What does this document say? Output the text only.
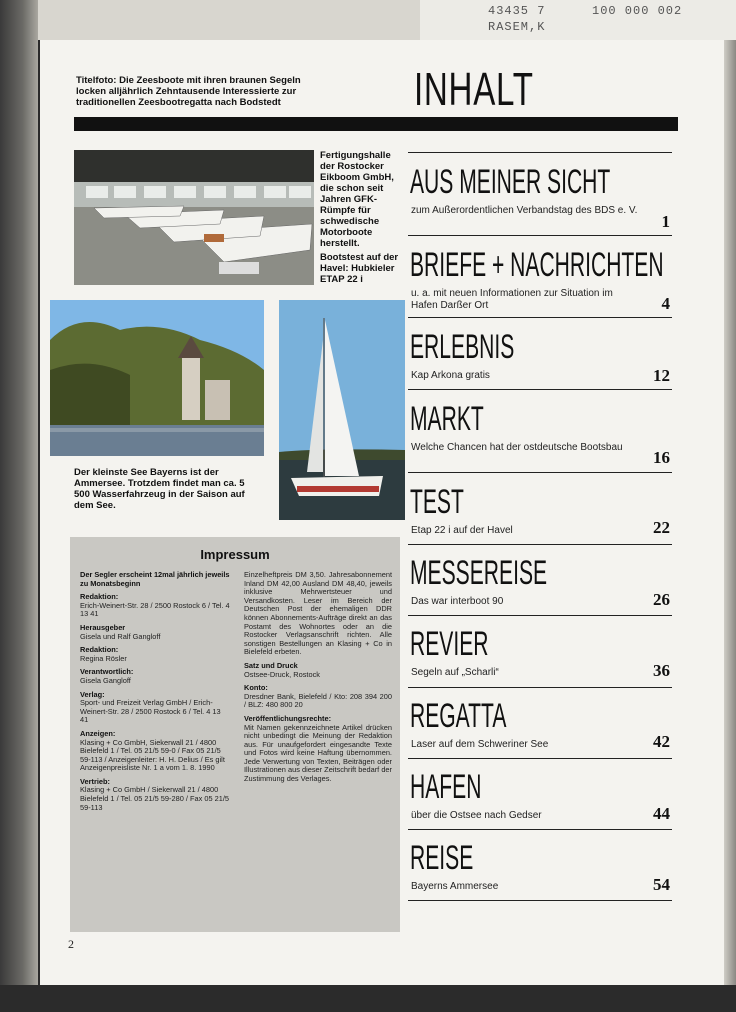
43435 7
RASEM,K
100 000 002
Titelfoto: Die Zeesboote mit ihren braunen Segeln locken alljährlich Zehntausende Interessierte zur traditionellen Zeesbootregatta nach Bodstedt	INHALT
Fertigungshalle der Rostocker Eikboom GmbH, die schon seit Jahren GFK-Rümpfe für schwedische Motorboote herstellt.
Bootstest auf der Havel: Hubkieler ETAP 22 i
Der kleinste See Bayerns ist der Ammersee. Trotzdem findet man ca. 5 500 Wasserfahrzeug in der Saison auf dem See.
AUS MEINER SICHT
zum Außerordentlichen Verbandstag des BDS e. V.
1
BRIEFE + NACHRICHTEN
u. a. mit neuen Informationen zur Situation im Hafen Darßer Ort	4
ERLEBNIS
Kap Arkona gratis	12
MARKT
Welche Chancen hat der ostdeutsche Bootsbau
16
TEST
Etap 22 i auf der Havel	22
MESSEREISE
Das war interboot 90	26
REVIER
Segeln auf „Scharli“	36
REGATTA
Laser auf dem Schweriner See	42
HAFEN
über die Ostsee nach Gedser	44
REISE
Bayerns Ammersee	54
Impressum

Der Segler erscheint 12mal jährlich jeweils zu Monatsbeginn

Redaktion:
Erich-Weinert-Str. 28 / 2500 Rostock 6 / Tel. 4 13 41

Herausgeber
Gisela und Ralf Gangloff

Redaktion:
Regina Rösler

Verantwortlich:
Gisela Gangloff

Verlag:
Sport- und Freizeit Verlag GmbH / Erich-Weinert-Str. 28 / 2500 Rostock 6 / Tel. 4 13 41

Anzeigen:
Klasing + Co GmbH, Siekerwall 21 / 4800 Bielefeld 1 / Tel. 05 21/5 59-0 / Fax 05 21/5 59-113 / Anzeigenleiter: H. H. Delius / Es gilt Anzeigenpreisliste Nr. 1 a vom 1. 8. 1990

Vertrieb:
Klasing + Co GmbH / Siekerwall 21 / 4800 Bielefeld 1 / Tel. 05 21/5 59-280 / Fax 05 21/5 59-113

Einzelheftpreis DM 3,50. Jahresabonnement Inland DM 42,00 Ausland DM 48,40, jeweils inklusive Mehrwertsteuer und Versandkosten. Leser im Bereich der Deutschen Post der ehemaligen DDR können Abonnements-Aufträge direkt an das Postamt des Wohnortes oder an die Rostocker Verlagsanschrift richten. Alle sonstigen Bestellungen an Klasing + Co in Bielefeld erbeten.

Satz und Druck
Ostsee-Druck, Rostock

Konto:
Dresdner Bank, Bielefeld / Kto: 208 394 200 / BLZ: 480 800 20

Veröffentlichungsrechte:
Mit Namen gekennzeichnete Artikel drücken nicht unbedingt die Meinung der Redaktion aus. Für unaufgefordert eingesandte Texte und Fotos wird keine Haftung übernommen. Jede Verwertung von Texten, Beiträgen oder Illustrationen aus dieser Zeitschrift bedarf der Zustimmung des Verlages.

2
